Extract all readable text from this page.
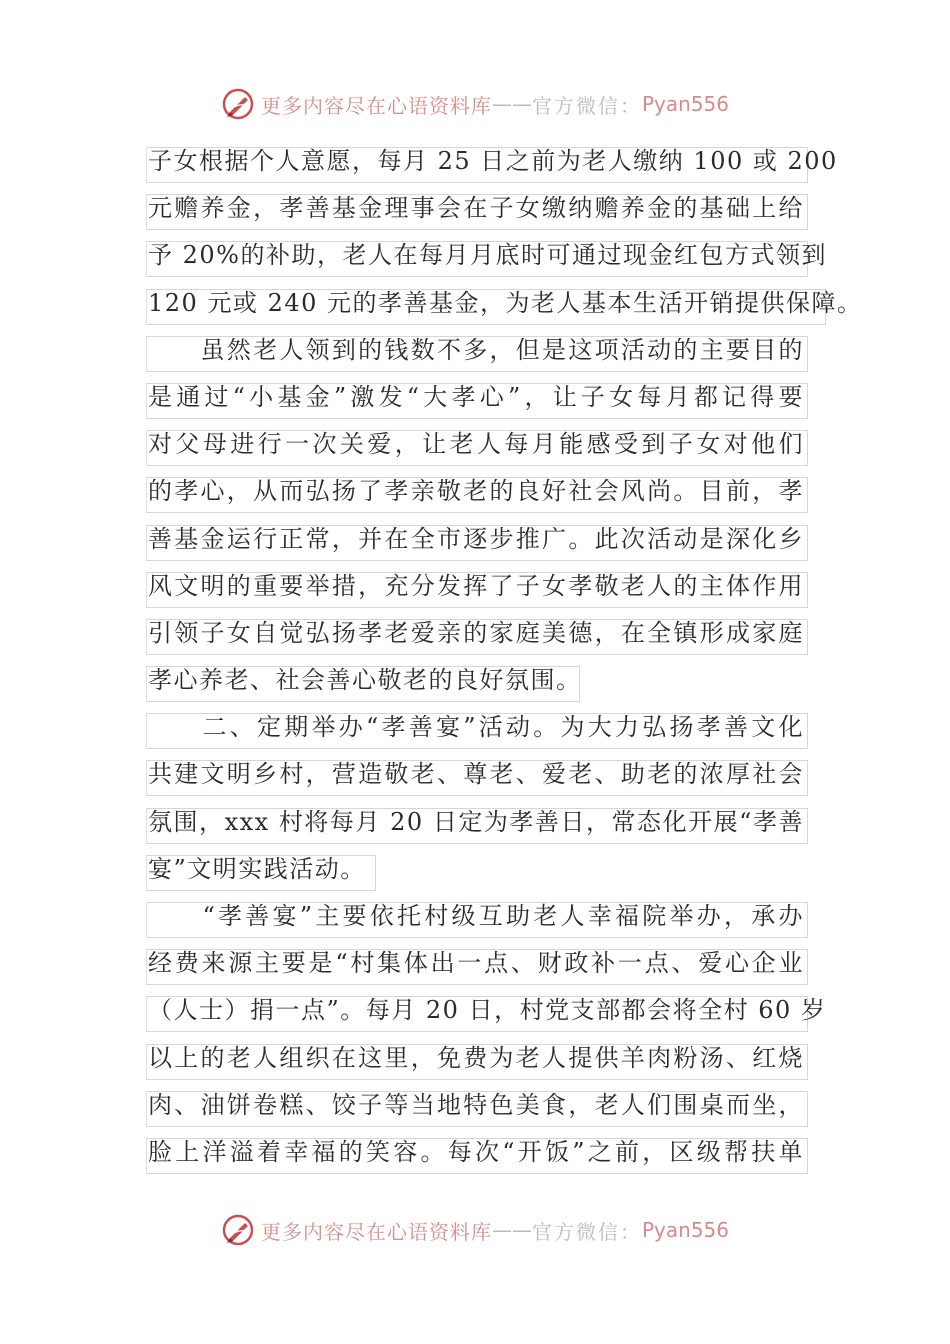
更多内容尽在心语资料库 —— 官方微信： Pyan556
子女根据个人意愿，每月 25 日之前为老人缴纳 100 或 200
元赡养金，孝善基金理事会在子女缴纳赡养金的基础上给
予 20%的补助，老人在每月月底时可通过现金红包方式领到
120 元或 240 元的孝善基金，为老人基本生活开销提供保障。
　　虽然老人领到的钱数不多，但是这项活动的主要目的
是通过“小基金”激发“大孝心”，让子女每月都记得要
对父母进行一次关爱，让老人每月能感受到子女对他们
的孝心，从而弘扬了孝亲敬老的良好社会风尚。目前，孝
善基金运行正常，并在全市逐步推广。此次活动是深化乡
风文明的重要举措，充分发挥了子女孝敬老人的主体作用
引领子女自觉弘扬孝老爱亲的家庭美德，在全镇形成家庭
孝心养老、社会善心敬老的良好氛围。
　　二、定期举办“孝善宴”活动。为大力弘扬孝善文化
共建文明乡村，营造敬老、尊老、爱老、助老的浓厚社会
氛围，xxx 村将每月 20 日定为孝善日，常态化开展“孝善
宴”文明实践活动。
　　“孝善宴”主要依托村级互助老人幸福院举办，承办
经费来源主要是“村集体出一点、财政补一点、爱心企业
（人士）捐一点”。每月 20 日，村党支部都会将全村 60 岁
以上的老人组织在这里，免费为老人提供羊肉粉汤、红烧
肉、油饼卷糕、饺子等当地特色美食，老人们围桌而坐，
脸上洋溢着幸福的笑容。每次“开饭”之前，区级帮扶单
更多内容尽在心语资料库 —— 官方微信： Pyan556
